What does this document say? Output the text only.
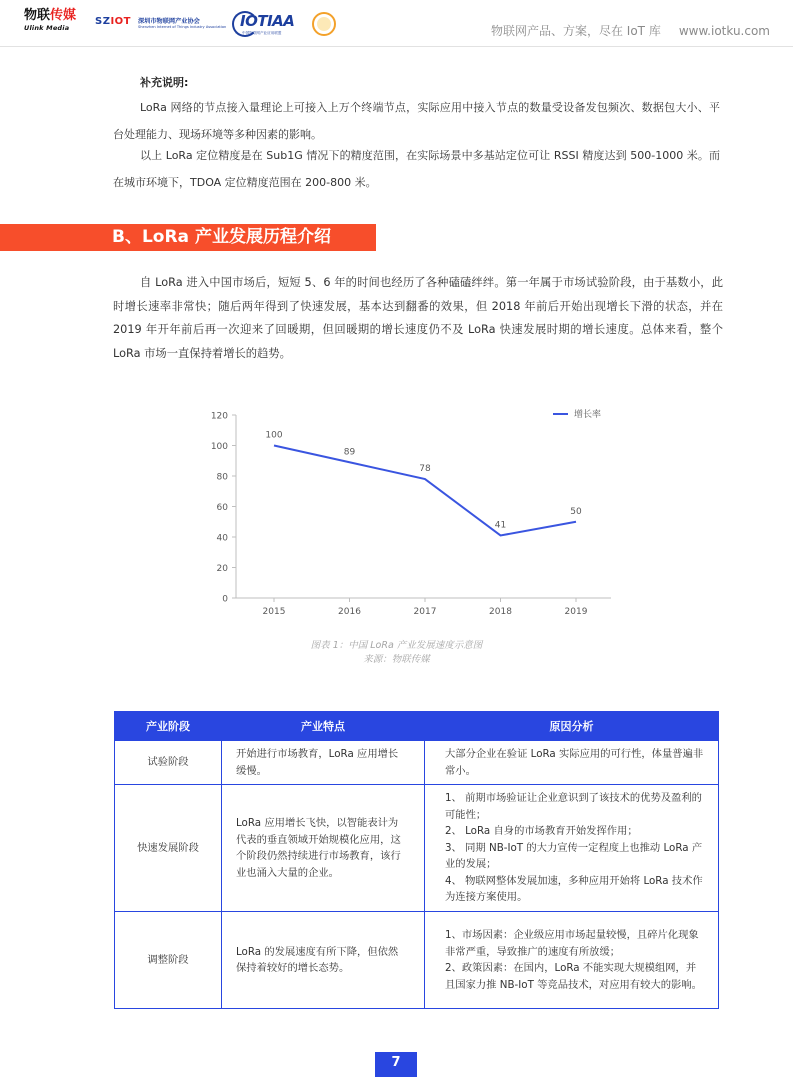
物联传媒
Ulink Media
SZIOT 深圳市物联网产业协会
Shenzhen Internet of Things Industry Association IOTIAA
中国物联网产业应用联盟	物联网产品、方案，尽在 IoT 库 www.iotku.com
补充说明:
LoRa 网络的节点接入量理论上可接入上万个终端节点，实际应用中接入节点的数量受设备发包频次、数据包大小、平台处理能力、现场环境等多种因素的影响。
以上 LoRa 定位精度是在 Sub1G 情况下的精度范围，在实际场景中多基站定位可让 RSSI 精度达到 500-1000 米。而在城市环境下，TDOA 定位精度范围在 200-800 米。
B、LoRa 产业发展历程介绍
自 LoRa 进入中国市场后，短短 5、6 年的时间也经历了各种磕磕绊绊。第一年属于市场试验阶段，由于基数小，此时增长速率非常快；随后两年得到了快速发展，基本达到翻番的效果，但 2018 年前后开始出现增长下滑的状态，并在 2019 年开年前后再一次迎来了回暖期，但回暖期的增长速度仍不及 LoRa 快速发展时期的增长速度。总体来看，整个 LoRa 市场一直保持着增长的趋势。
0
20
40
60
80
100
120
2015	2016	2017	2018	2019
100
89
78
41
50
增长率
图表 1：中国 LoRa 产业发展速度示意图
来源：物联传媒
产业阶段	产业特点	原因分析
试验阶段	开始进行市场教育，LoRa 应用增长缓慢。	大部分企业在验证 LoRa 实际应用的可行性，体量普遍非常小。

快速发展阶段	LoRa 应用增长飞快，以智能表计为代表的垂直领域开始规模化应用，这个阶段仍然持续进行市场教育，该行业也涌入大量的企业。	1、 前期市场验证让企业意识到了该技术的优势及盈利的可能性；
2、 LoRa 自身的市场教育开始发挥作用；
3、 同期 NB-IoT 的大力宣传一定程度上也推动 LoRa 产业的发展；
4、 物联网整体发展加速，多种应用开始将 LoRa 技术作为连接方案使用。

调整阶段	LoRa 的发展速度有所下降，但依然保持着较好的增长态势。	1、市场因素：企业级应用市场起量较慢，且碎片化现象非常严重，导致推广的速度有所放缓；
2、政策因素：在国内，LoRa 不能实现大规模组网，并且国家力推 NB-IoT 等竞品技术，对应用有较大的影响。
7
